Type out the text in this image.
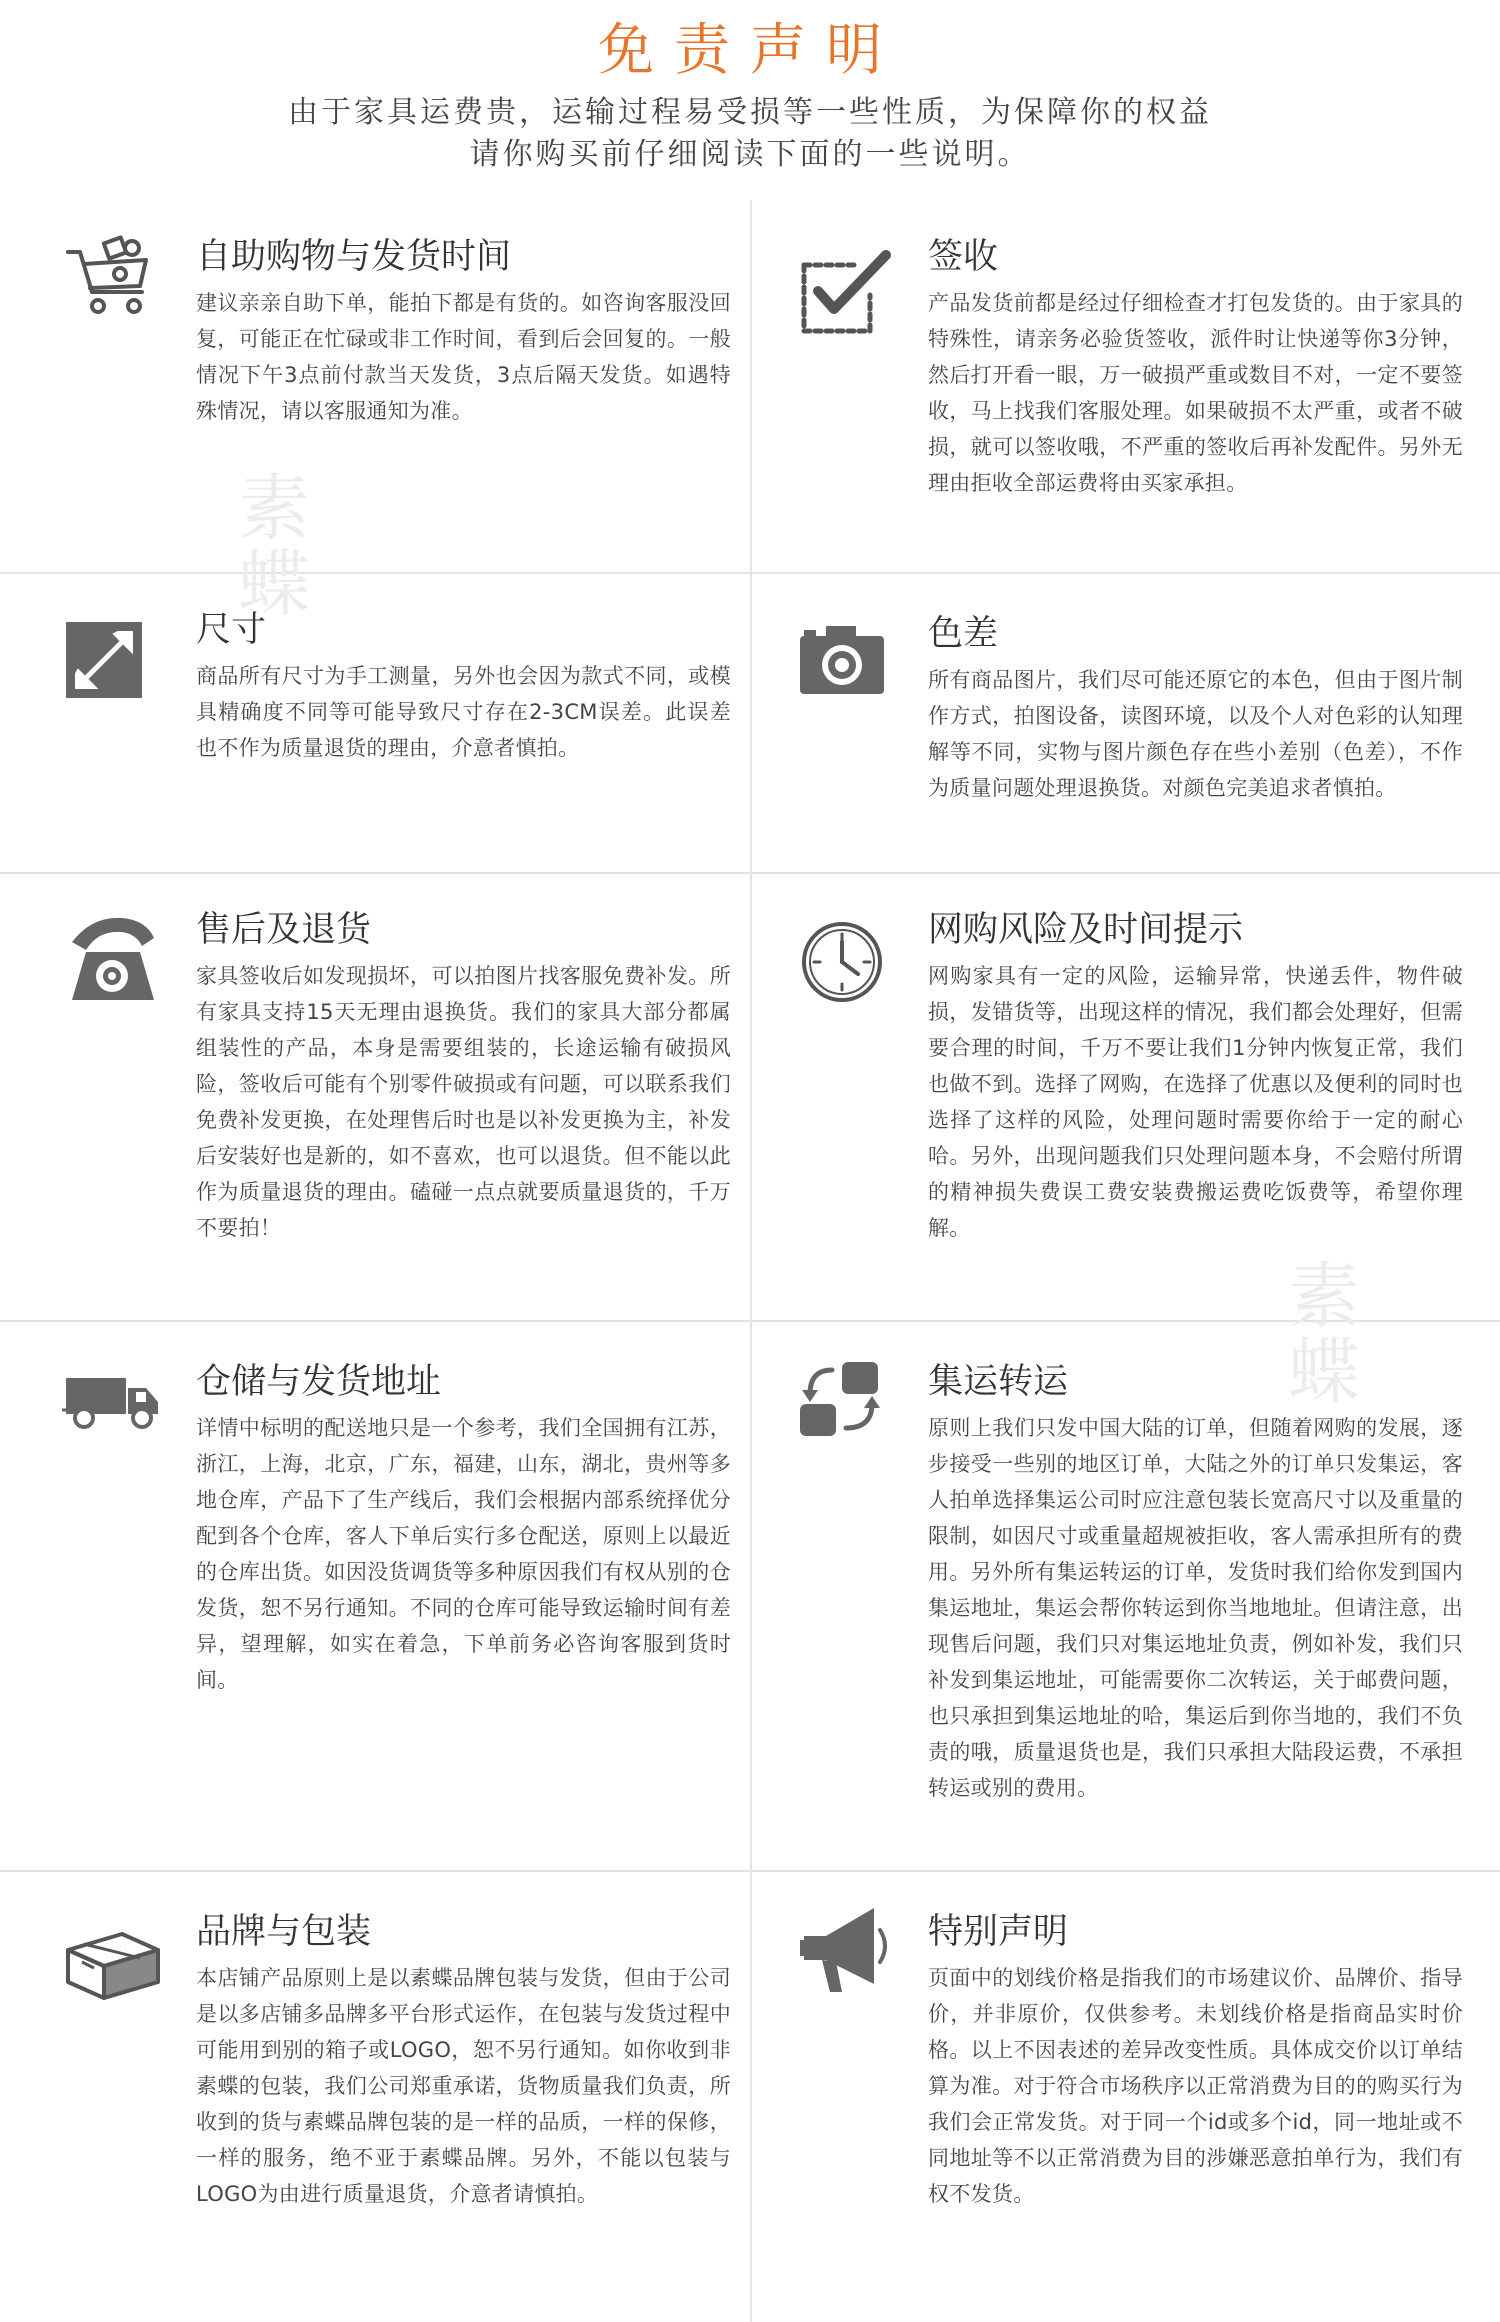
免责声明
由于家具运费贵，运输过程易受损等一些性质，为保障你的权益
请你购买前仔细阅读下面的一些说明。
素蝶
素蝶
自助购物与发货时间
建议亲亲自助下单，能拍下都是有货的。如咨询客服没回复，可能正在忙碌或非工作时间，看到后会回复的。一般情况下午3点前付款当天发货，3点后隔天发货。如遇特殊情况，请以客服通知为准。
签收
产品发货前都是经过仔细检查才打包发货的。由于家具的特殊性，请亲务必验货签收，派件时让快递等你3分钟，然后打开看一眼，万一破损严重或数目不对，一定不要签收，马上找我们客服处理。如果破损不太严重，或者不破损，就可以签收哦，不严重的签收后再补发配件。另外无理由拒收全部运费将由买家承担。
尺寸
商品所有尺寸为手工测量，另外也会因为款式不同，或模具精确度不同等可能导致尺寸存在2-3CM误差。此误差也不作为质量退货的理由，介意者慎拍。
色差
所有商品图片，我们尽可能还原它的本色，但由于图片制作方式，拍图设备，读图环境，以及个人对色彩的认知理解等不同，实物与图片颜色存在些小差别（色差），不作为质量问题处理退换货。对颜色完美追求者慎拍。
售后及退货
家具签收后如发现损坏，可以拍图片找客服免费补发。所有家具支持15天无理由退换货。我们的家具大部分都属组装性的产品，本身是需要组装的，长途运输有破损风险，签收后可能有个别零件破损或有问题，可以联系我们免费补发更换，在处理售后时也是以补发更换为主，补发后安装好也是新的，如不喜欢，也可以退货。但不能以此作为质量退货的理由。磕碰一点点就要质量退货的，千万不要拍！
网购风险及时间提示
网购家具有一定的风险，运输异常，快递丢件，物件破损，发错货等，出现这样的情况，我们都会处理好，但需要合理的时间，千万不要让我们1分钟内恢复正常，我们也做不到。选择了网购，在选择了优惠以及便利的同时也选择了这样的风险，处理问题时需要你给于一定的耐心哈。另外，出现问题我们只处理问题本身，不会赔付所谓的精神损失费误工费安装费搬运费吃饭费等，希望你理解。
仓储与发货地址
详情中标明的配送地只是一个参考，我们全国拥有江苏，浙江，上海，北京，广东，福建，山东，湖北，贵州等多地仓库，产品下了生产线后，我们会根据内部系统择优分配到各个仓库，客人下单后实行多仓配送，原则上以最近的仓库出货。如因没货调货等多种原因我们有权从别的仓发货，恕不另行通知。不同的仓库可能导致运输时间有差异，望理解，如实在着急，下单前务必咨询客服到货时间。
集运转运
原则上我们只发中国大陆的订单，但随着网购的发展，逐步接受一些别的地区订单，大陆之外的订单只发集运，客人拍单选择集运公司时应注意包装长宽高尺寸以及重量的限制，如因尺寸或重量超规被拒收，客人需承担所有的费用。另外所有集运转运的订单，发货时我们给你发到国内集运地址，集运会帮你转运到你当地地址。但请注意，出现售后问题，我们只对集运地址负责，例如补发，我们只补发到集运地址，可能需要你二次转运，关于邮费问题，也只承担到集运地址的哈，集运后到你当地的，我们不负责的哦，质量退货也是，我们只承担大陆段运费，不承担转运或别的费用。
品牌与包装
本店铺产品原则上是以素蝶品牌包装与发货，但由于公司是以多店铺多品牌多平台形式运作，在包装与发货过程中可能用到别的箱子或LOGO，恕不另行通知。如你收到非素蝶的包装，我们公司郑重承诺，货物质量我们负责，所收到的货与素蝶品牌包装的是一样的品质，一样的保修，一样的服务，绝不亚于素蝶品牌。另外，不能以包装与LOGO为由进行质量退货，介意者请慎拍。
特别声明
页面中的划线价格是指我们的市场建议价、品牌价、指导价，并非原价，仅供参考。未划线价格是指商品实时价格。以上不因表述的差异改变性质。具体成交价以订单结算为准。对于符合市场秩序以正常消费为目的的购买行为我们会正常发货。对于同一个id或多个id，同一地址或不同地址等不以正常消费为目的涉嫌恶意拍单行为，我们有权不发货。
